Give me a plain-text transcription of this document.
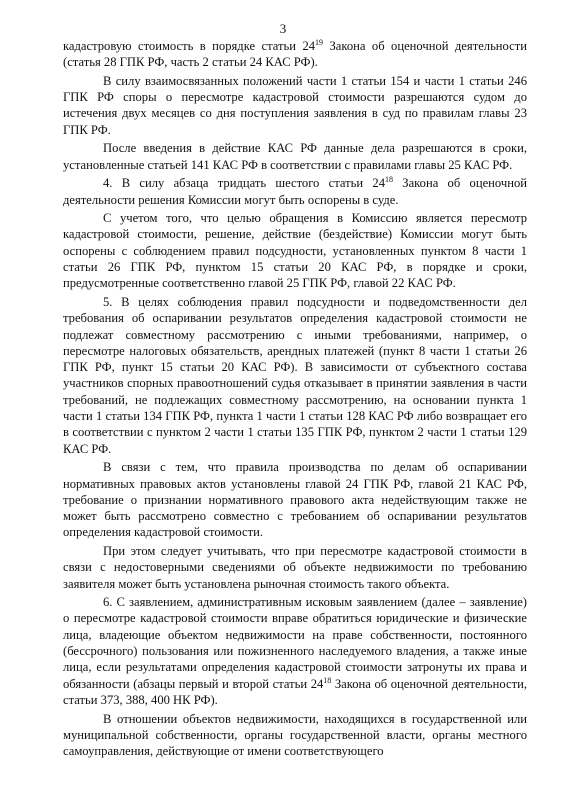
3

кадастровую стоимость в порядке статьи $24^{19}$ Закона об оценочной деятельности (статья 28 ГПК РФ, часть 2 статьи 24 КАС РФ).

В силу взаимосвязанных положений части 1 статьи 154 и части 1 статьи 246 ГПК РФ споры о пересмотре кадастровой стоимости разрешаются судом до истечения двух месяцев со дня поступления заявления в суд по правилам главы 23 ГПК РФ.

После введения в действие КАС РФ данные дела разрешаются в сроки, установленные статьей 141 КАС РФ в соответствии с правилами главы 25 КАС РФ.

4. В силу абзаца тридцать шестого статьи $24^{18}$ Закона об оценочной деятельности решения Комиссии могут быть оспорены в суде.

С учетом того, что целью обращения в Комиссию является пересмотр кадастровой стоимости, решение, действие (бездействие) Комиссии могут быть оспорены с соблюдением правил подсудности, установленных пунктом 8 части 1 статьи 26 ГПК РФ, пунктом 15 статьи 20 КАС РФ, в порядке и сроки, предусмотренные соответственно главой 25 ГПК РФ, главой 22 КАС РФ.

5. В целях соблюдения правил подсудности и подведомственности дел требования об оспаривании результатов определения кадастровой стоимости не подлежат совместному рассмотрению с иными требованиями, например, о пересмотре налоговых обязательств, арендных платежей (пункт 8 части 1 статьи 26 ГПК РФ, пункт 15 статьи 20 КАС РФ). В зависимости от субъектного состава участников спорных правоотношений судья отказывает в принятии заявления в части требований, не подлежащих совместному рассмотрению, на основании пункта 1 части 1 статьи 134 ГПК РФ, пункта 1 части 1 статьи 128 КАС РФ либо возвращает его в соответствии с пунктом 2 части 1 статьи 135 ГПК РФ, пунктом 2 части 1 статьи 129 КАС РФ.

В связи с тем, что правила производства по делам об оспаривании нормативных правовых актов установлены главой 24 ГПК РФ, главой 21 КАС РФ, требование о признании нормативного правового акта недействующим также не может быть рассмотрено совместно с требованием об оспаривании результатов определения кадастровой стоимости.

При этом следует учитывать, что при пересмотре кадастровой стоимости в связи с недостоверными сведениями об объекте недвижимости по требованию заявителя может быть установлена рыночная стоимость такого объекта.

6. С заявлением, административным исковым заявлением (далее – заявление) о пересмотре кадастровой стоимости вправе обратиться юридические и физические лица, владеющие объектом недвижимости на праве собственности, постоянного (бессрочного) пользования или пожизненного наследуемого владения, а также иные лица, если результатами определения кадастровой стоимости затронуты их права и обязанности (абзацы первый и второй статьи $24^{18}$ Закона об оценочной деятельности, статьи 373, 388, 400 НК РФ).

В отношении объектов недвижимости, находящихся в государственной или муниципальной собственности, органы государственной власти, органы местного самоуправления, действующие от имени соответствующего
